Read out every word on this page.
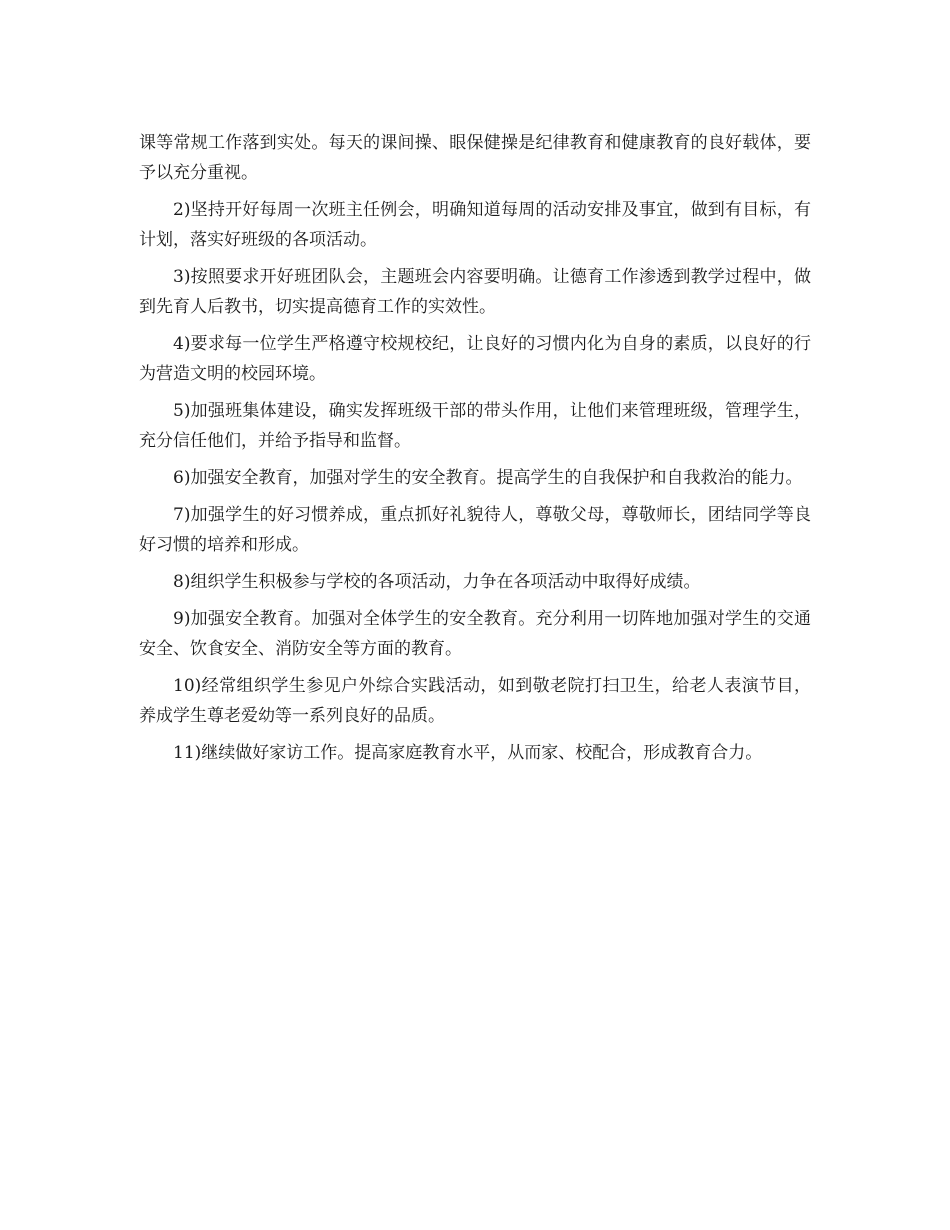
课等常规工作落到实处。每天的课间操、眼保健操是纪律教育和健康教育的良好载体，要予以充分重视。

2)坚持开好每周一次班主任例会，明确知道每周的活动安排及事宜，做到有目标，有计划，落实好班级的各项活动。

3)按照要求开好班团队会，主题班会内容要明确。让德育工作渗透到教学过程中，做到先育人后教书，切实提高德育工作的实效性。

4)要求每一位学生严格遵守校规校纪，让良好的习惯内化为自身的素质，以良好的行为营造文明的校园环境。

5)加强班集体建设，确实发挥班级干部的带头作用，让他们来管理班级，管理学生，充分信任他们，并给予指导和监督。

6)加强安全教育，加强对学生的安全教育。提高学生的自我保护和自我救治的能力。

7)加强学生的好习惯养成，重点抓好礼貌待人，尊敬父母，尊敬师长，团结同学等良好习惯的培养和形成。

8)组织学生积极参与学校的各项活动，力争在各项活动中取得好成绩。

9)加强安全教育。加强对全体学生的安全教育。充分利用一切阵地加强对学生的交通安全、饮食安全、消防安全等方面的教育。

10)经常组织学生参见户外综合实践活动，如到敬老院打扫卫生，给老人表演节目，养成学生尊老爱幼等一系列良好的品质。

11)继续做好家访工作。提高家庭教育水平，从而家、校配合，形成教育合力。
